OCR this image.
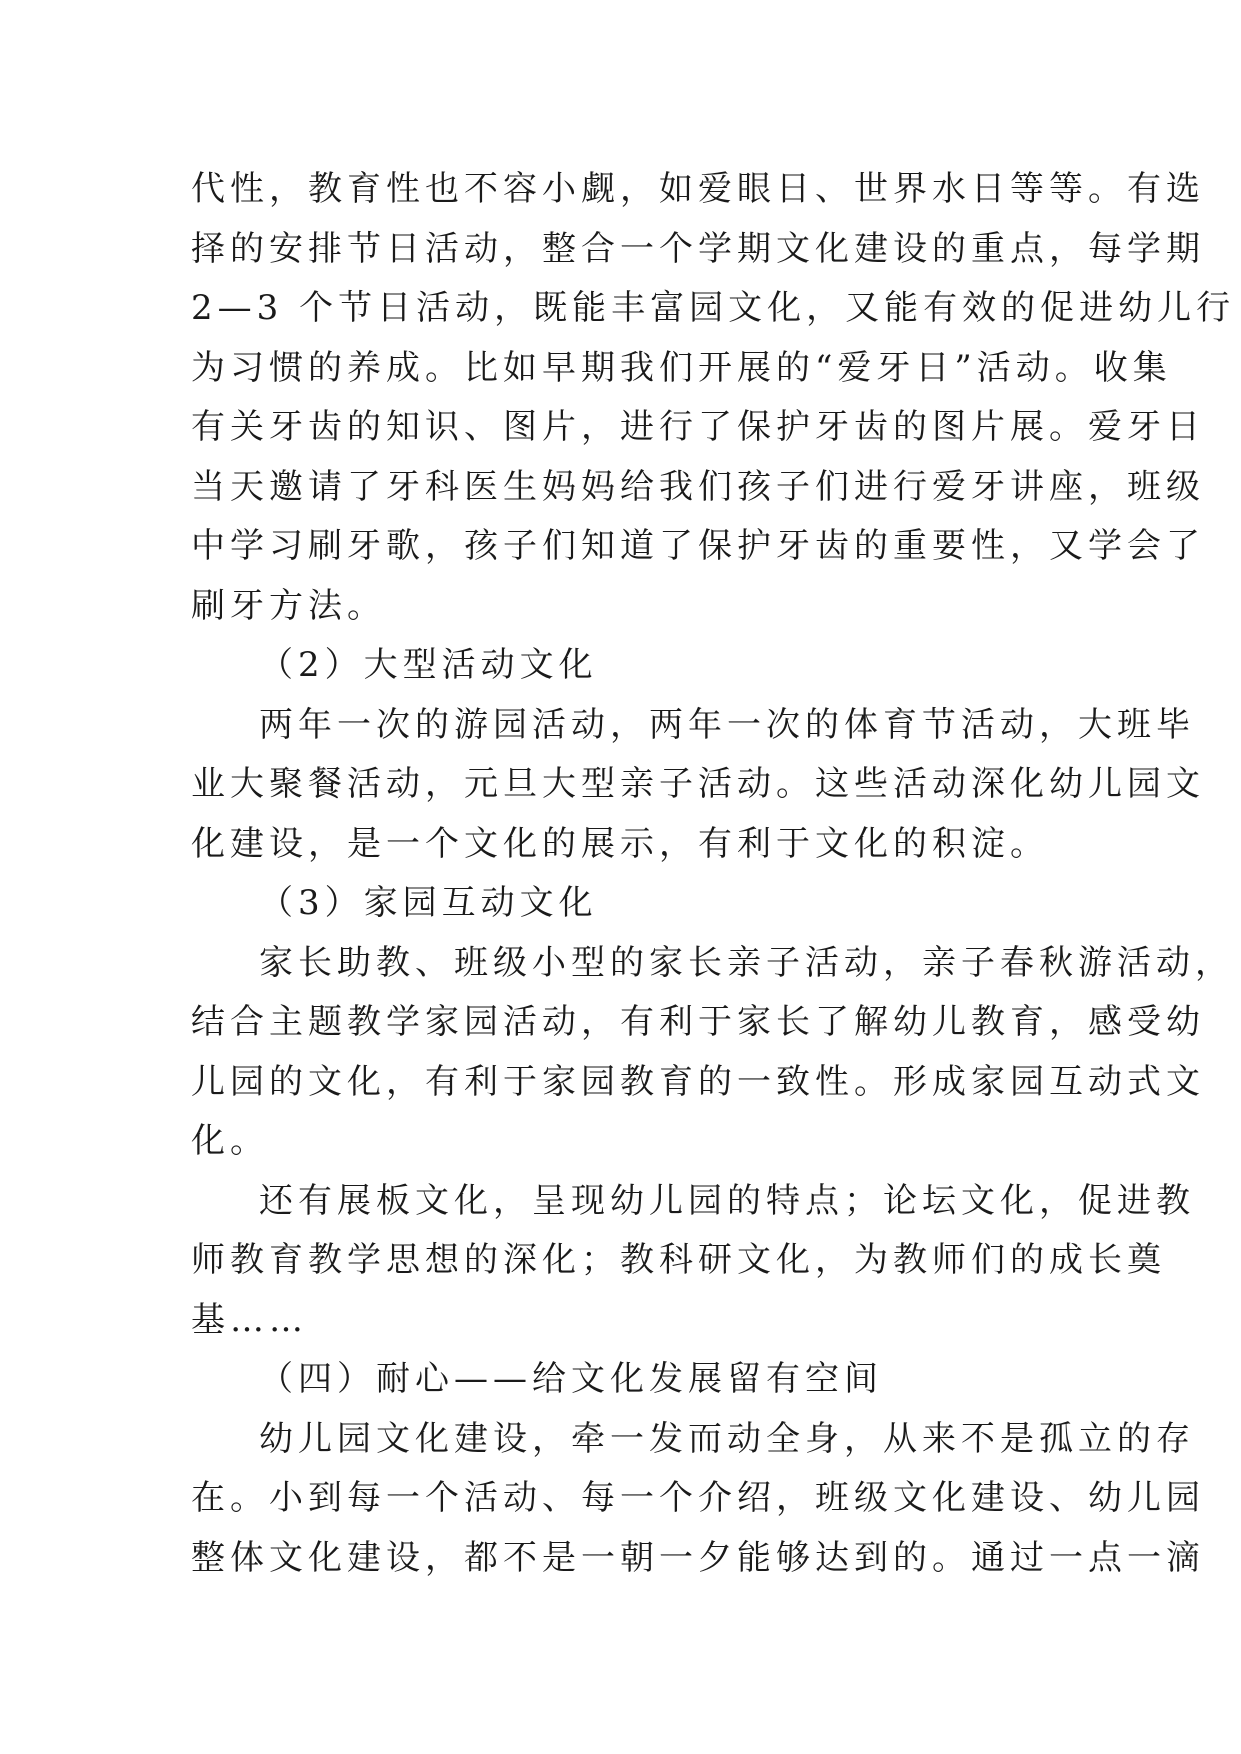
代性，教育性也不容小觑，如爱眼日、世界水日等等。有选
择的安排节日活动，整合一个学期文化建设的重点，每学期
2—3 个节日活动，既能丰富园文化，又能有效的促进幼儿行
为习惯的养成。比如早期我们开展的“爱牙日”活动。收集
有关牙齿的知识、图片，进行了保护牙齿的图片展。爱牙日
当天邀请了牙科医生妈妈给我们孩子们进行爱牙讲座，班级
中学习刷牙歌，孩子们知道了保护牙齿的重要性，又学会了
刷牙方法。
（2）大型活动文化
两年一次的游园活动，两年一次的体育节活动，大班毕
业大聚餐活动，元旦大型亲子活动。这些活动深化幼儿园文
化建设，是一个文化的展示，有利于文化的积淀。
（3）家园互动文化
家长助教、班级小型的家长亲子活动，亲子春秋游活动，
结合主题教学家园活动，有利于家长了解幼儿教育，感受幼
儿园的文化，有利于家园教育的一致性。形成家园互动式文
化。
还有展板文化，呈现幼儿园的特点；论坛文化，促进教
师教育教学思想的深化；教科研文化，为教师们的成长奠
基……
（四）耐心——给文化发展留有空间
幼儿园文化建设，牵一发而动全身，从来不是孤立的存
在。小到每一个活动、每一个介绍，班级文化建设、幼儿园
整体文化建设，都不是一朝一夕能够达到的。通过一点一滴
